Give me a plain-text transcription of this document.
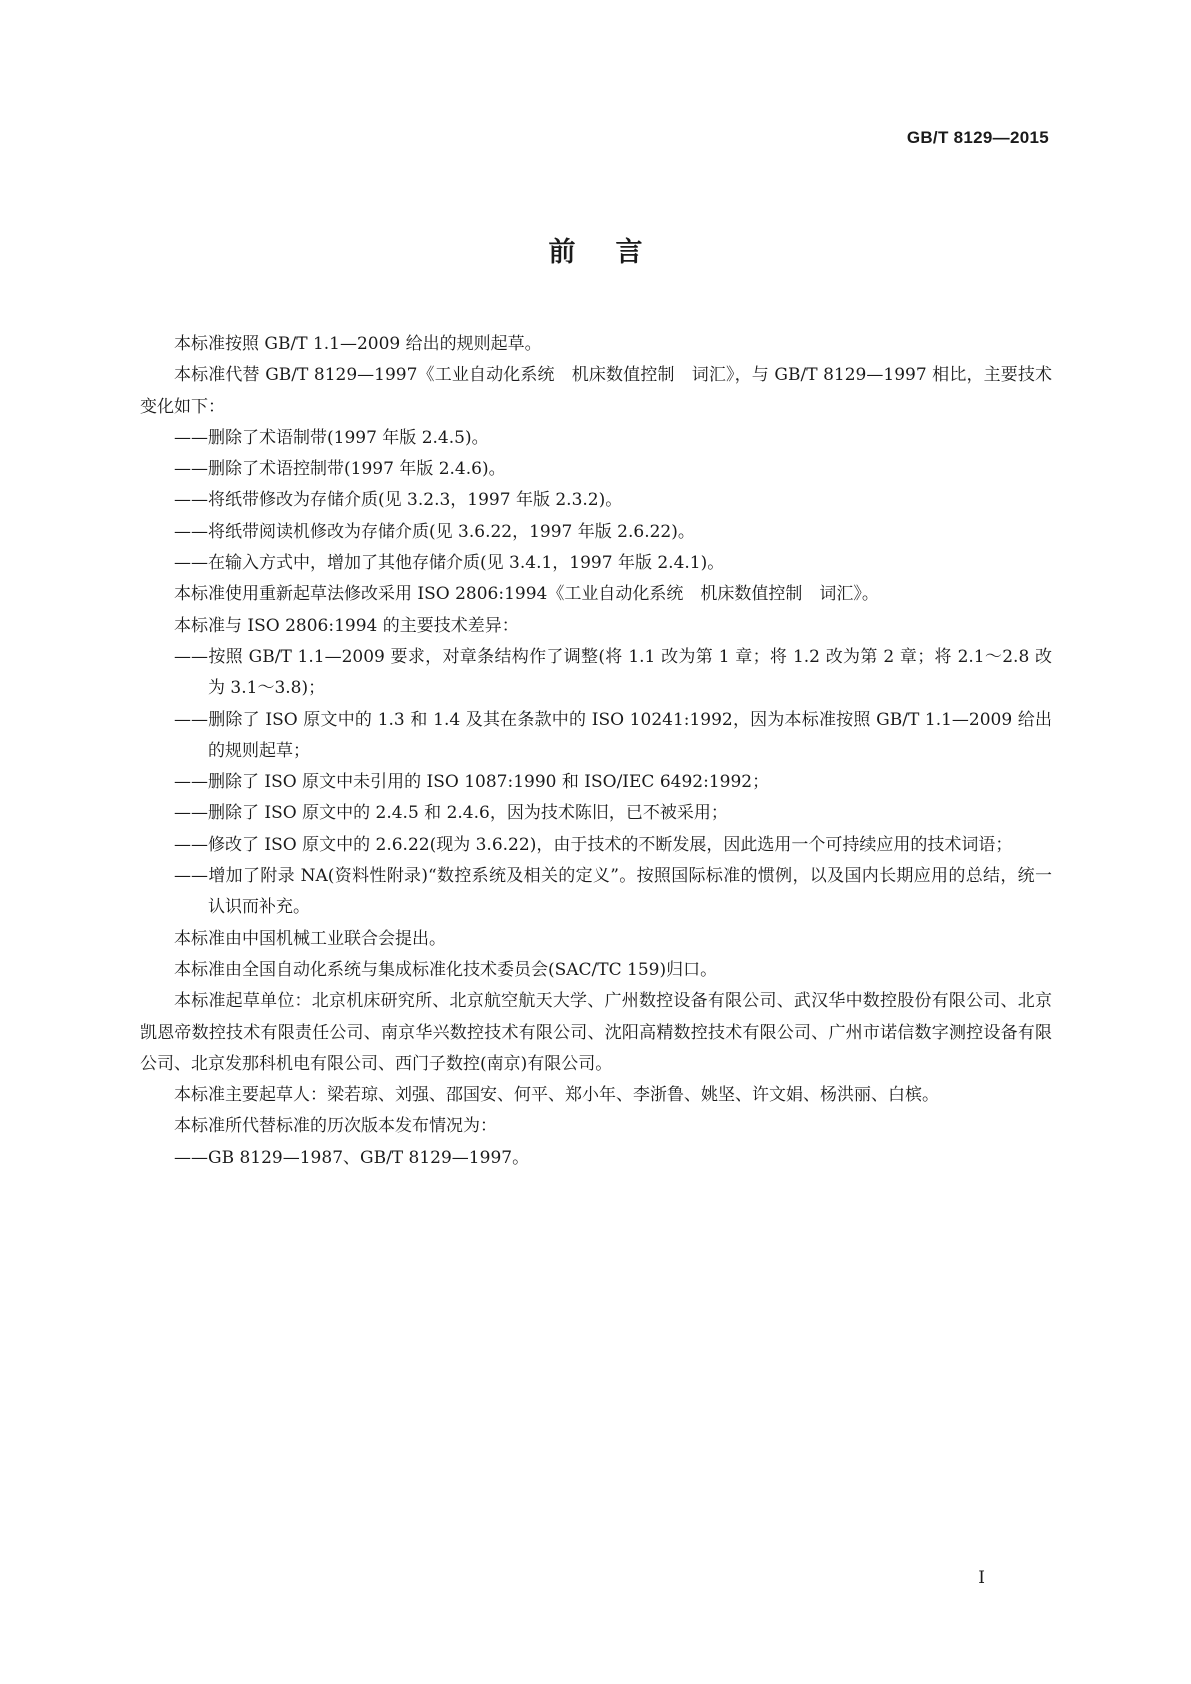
GB/T 8129—2015
前言

本标准按照 GB/T 1.1—2009 给出的规则起草。

本标准代替 GB/T 8129—1997《工业自动化系统　机床数值控制　词汇》，与 GB/T 8129—1997 相比，主要技术变化如下：

——删除了术语制带(1997 年版 2.4.5)。

——删除了术语控制带(1997 年版 2.4.6)。

——将纸带修改为存储介质(见 3.2.3，1997 年版 2.3.2)。

——将纸带阅读机修改为存储介质(见 3.6.22，1997 年版 2.6.22)。

——在输入方式中，增加了其他存储介质(见 3.4.1，1997 年版 2.4.1)。

本标准使用重新起草法修改采用 ISO 2806:1994《工业自动化系统　机床数值控制　词汇》。

本标准与 ISO 2806:1994 的主要技术差异：

——按照 GB/T 1.1—2009 要求，对章条结构作了调整(将 1.1 改为第 1 章；将 1.2 改为第 2 章；将 2.1～2.8 改为 3.1～3.8)；

——删除了 ISO 原文中的 1.3 和 1.4 及其在条款中的 ISO 10241:1992，因为本标准按照 GB/T 1.1—2009 给出的规则起草；

——删除了 ISO 原文中未引用的 ISO 1087:1990 和 ISO/IEC 6492:1992；

——删除了 ISO 原文中的 2.4.5 和 2.4.6，因为技术陈旧，已不被采用；

——修改了 ISO 原文中的 2.6.22(现为 3.6.22)，由于技术的不断发展，因此选用一个可持续应用的技术词语；

——增加了附录 NA(资料性附录)“数控系统及相关的定义”。按照国际标准的惯例，以及国内长期应用的总结，统一认识而补充。

本标准由中国机械工业联合会提出。

本标准由全国自动化系统与集成标准化技术委员会(SAC/TC 159)归口。

本标准起草单位：北京机床研究所、北京航空航天大学、广州数控设备有限公司、武汉华中数控股份有限公司、北京凯恩帝数控技术有限责任公司、南京华兴数控技术有限公司、沈阳高精数控技术有限公司、广州市诺信数字测控设备有限公司、北京发那科机电有限公司、西门子数控(南京)有限公司。

本标准主要起草人：梁若琼、刘强、邵国安、何平、郑小年、李浙鲁、姚坚、许文娟、杨洪丽、白槟。

本标准所代替标准的历次版本发布情况为：

——GB 8129—1987、GB/T 8129—1997。

I
